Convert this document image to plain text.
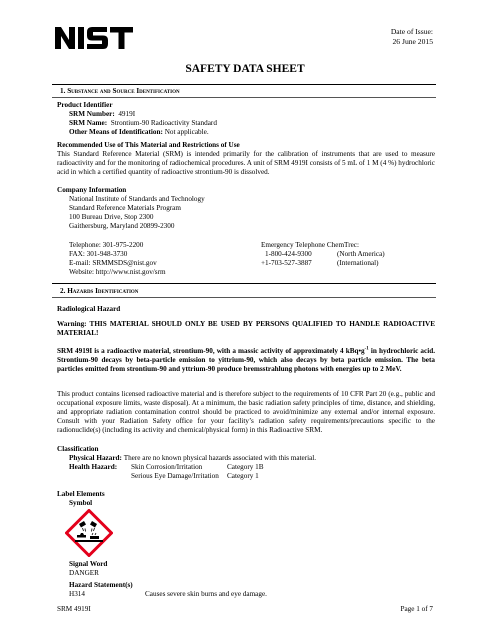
Date of Issue:
26 June 2015
SAFETY DATA SHEET
1. Substance and Source Identification
Product Identifier
SRM Number: 4919I
SRM Name: Strontium-90 Radioactivity Standard
Other Means of Identification: Not applicable.
Recommended Use of This Material and Restrictions of Use
This Standard Reference Material (SRM) is intended primarily for the calibration of instruments that are used to measure radioactivity and for the monitoring of radiochemical procedures. A unit of SRM 4919I consists of 5 mL of 1 M (4 %) hydrochloric acid in which a certified quantity of radioactive strontium-90 is dissolved.
Company Information
National Institute of Standards and Technology
Standard Reference Materials Program
100 Bureau Drive, Stop 2300
Gaithersburg, Maryland 20899-2300
Telephone: 301-975-2200
FAX: 301-948-3730
E-mail: SRMMSDS@nist.gov
Website: http://www.nist.gov/srm
Emergency Telephone ChemTrec:
1-800-424-9300	(North America)
+1-703-527-3887	(International)
2. Hazards Identification
Radiological Hazard
Warning: THIS MATERIAL SHOULD ONLY BE USED BY PERSONS QUALIFIED TO HANDLE RADIOACTIVE MATERIAL!
SRM 4919I is a radioactive material, strontium-90, with a massic activity of approximately 4 $kBq•g^{-1}$ in hydrochloric acid. Strontium-90 decays by beta-particle emission to yittrium-90, which also decays by beta particle emission. The beta particles emitted from strontium-90 and yttrium-90 produce bremsstrahlung photons with energies up to 2 MeV.
This product contains licensed radioactive material and is therefore subject to the requirements of 10 CFR Part 20 (e.g., public and occupational exposure limits, waste disposal). At a minimum, the basic radiation safety principles of time, distance, and shielding, and appropriate radiation contamination control should be practiced to avoid/minimize any external and/or internal exposure. Consult with your Radiation Safety office for your facility’s radiation safety requirements/precautions specific to the radionuclide(s) (including its activity and chemical/physical form) in this Radioactive SRM.
Classification
Physical Hazard: There are no known physical hazards associated with this material.
Health Hazard: Skin Corrosion/Irritation	Category 1B
Serious Eye Damage/Irritation Category 1
Label Elements
Symbol
Signal Word
DANGER
Hazard Statement(s)
H314	Causes severe skin burns and eye damage.
SRM 4919I	Page 1 of 7
